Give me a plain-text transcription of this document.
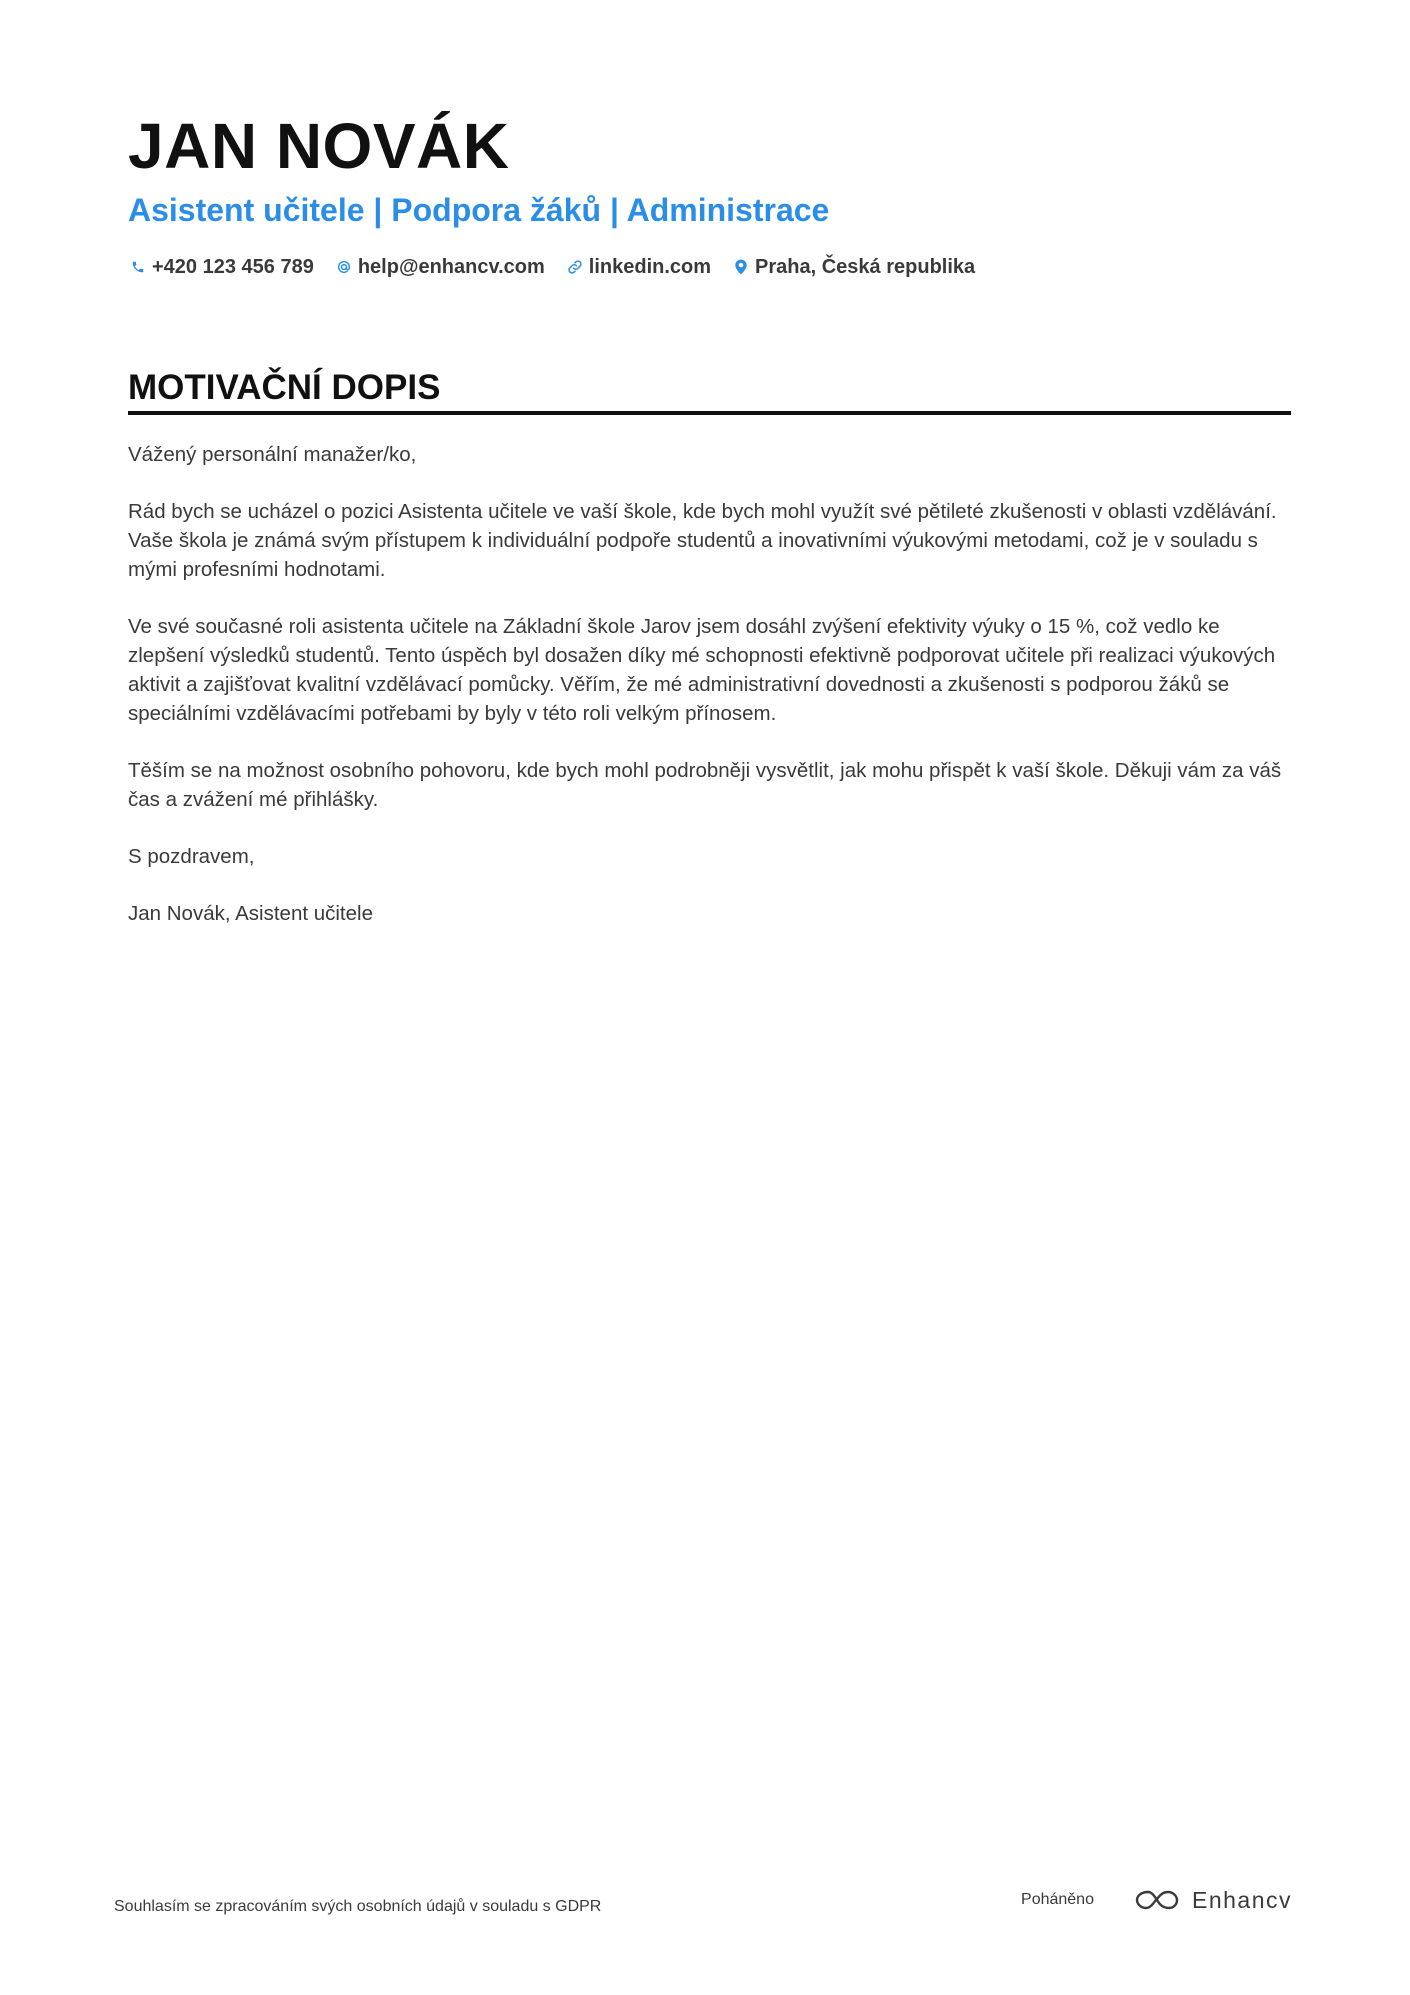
JAN NOVÁK
Asistent učitele | Podpora žáků | Administrace
+420 123 456 789 help@enhancv.com linkedin.com Praha, Česká republika
MOTIVAČNÍ DOPIS

Vážený personální manažer/ko,

Rád bych se ucházel o pozici Asistenta učitele ve vaší škole, kde bych mohl využít své pětileté zkušenosti v oblasti vzdělávání. Vaše škola je známá svým přístupem k individuální podpoře studentů a inovativními výukovými metodami, což je v souladu s mými profesními hodnotami.

Ve své současné roli asistenta učitele na Základní škole Jarov jsem dosáhl zvýšení efektivity výuky o 15 %, což vedlo ke zlepšení výsledků studentů. Tento úspěch byl dosažen díky mé schopnosti efektivně podporovat učitele při realizaci výukových aktivit a zajišťovat kvalitní vzdělávací pomůcky. Věřím, že mé administrativní dovednosti a zkušenosti s podporou žáků se speciálními vzdělávacími potřebami by byly v této roli velkým přínosem.

Těším se na možnost osobního pohovoru, kde bych mohl podrobněji vysvětlit, jak mohu přispět k vaší škole. Děkuji vám za váš čas a zvážení mé přihlášky.

S pozdravem,

Jan Novák, Asistent učitele

Souhlasím se zpracováním svých osobních údajů v souladu s GDPR	Poháněno	Enhancv
